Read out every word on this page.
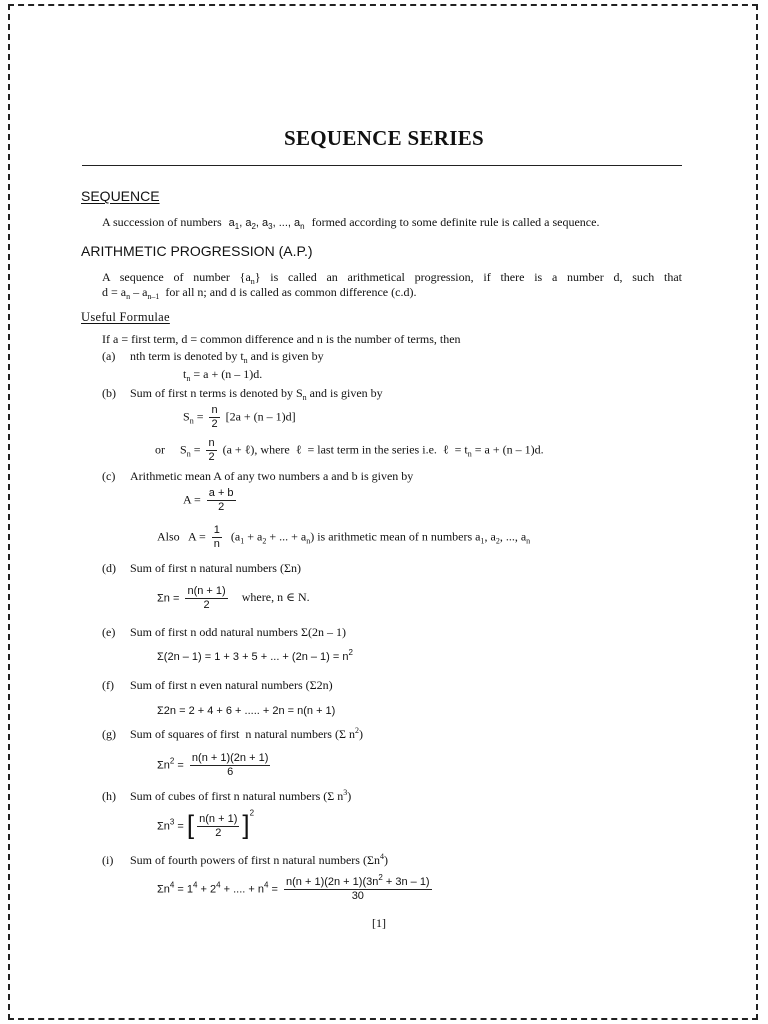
SEQUENCE SERIES
SEQUENCE
A succession of numbers $a_1$, $a_2$, $a_3$, ..., $a_n$ formed according to some definite rule is called a sequence.
ARITHMETIC PROGRESSION (A.P.)
A sequence of number $\{a_n\}$ is called an arithmetical progression, if there is a number d, such that
$d = a_n - a_{n-1}$  for all n; and d is called as common difference (c.d).
Useful Formulae
If a = first term, d = common difference and n is the number of terms, then
(a) nth term is denoted by $t_n$ and is given by
$t_n = a + (n - 1)d$.
(b) Sum of first n terms is denoted by $S_n$ and is given by
$S_n = \frac{n}{2} [2a + (n - 1)d]$
or     $S_n = \frac{n}{2} (a$ + ℓ), where  ℓ  = last term in the series i.e.  ℓ  = $t_n = a + (n - 1)d$.
(c) Arithmetic mean A of any two numbers a and b is given by
$A = \frac{a + b}{2}$
Also   $A = \frac{1}{n} (a_1 + a_2$ + ... + $a_n$) is arithmetic mean of n numbers $a_1$, $a_2$, ..., $a_n$
(d) Sum of first n natural numbers (Σn)
$\Sigma n = \frac{n(n + 1)}{2}$ where, n ∈ N.
(e) Sum of first n odd natural numbers Σ(2n – 1)
Σ(2n – 1) = 1 + 3 + 5 + ... + $(2n - 1) = n^2$
(f) Sum of first n even natural numbers (Σ2n)
Σ2n = 2 + 4 + 6 + ..... + 2n = n(n + 1)
(g) Sum of squares of first  n natural numbers (Σ $n^2$)
$\Sigma n^2 = \frac{n(n + 1)(2n + 1)}{6}$
(h) Sum of cubes of first n natural numbers (Σ $n^3$)
$\Sigma n^3$ = [ $\frac{n(n + 1)}{2} ]^2$
(i) Sum of fourth powers of first n natural numbers $(\Sigma n^4)$
$\Sigma n^4 = 1^4 + 2^4$ + .... + $n^4 = \frac{n(n + 1)(2n + 1)(3n^2 + 3n - 1)}{30}$
[1]
